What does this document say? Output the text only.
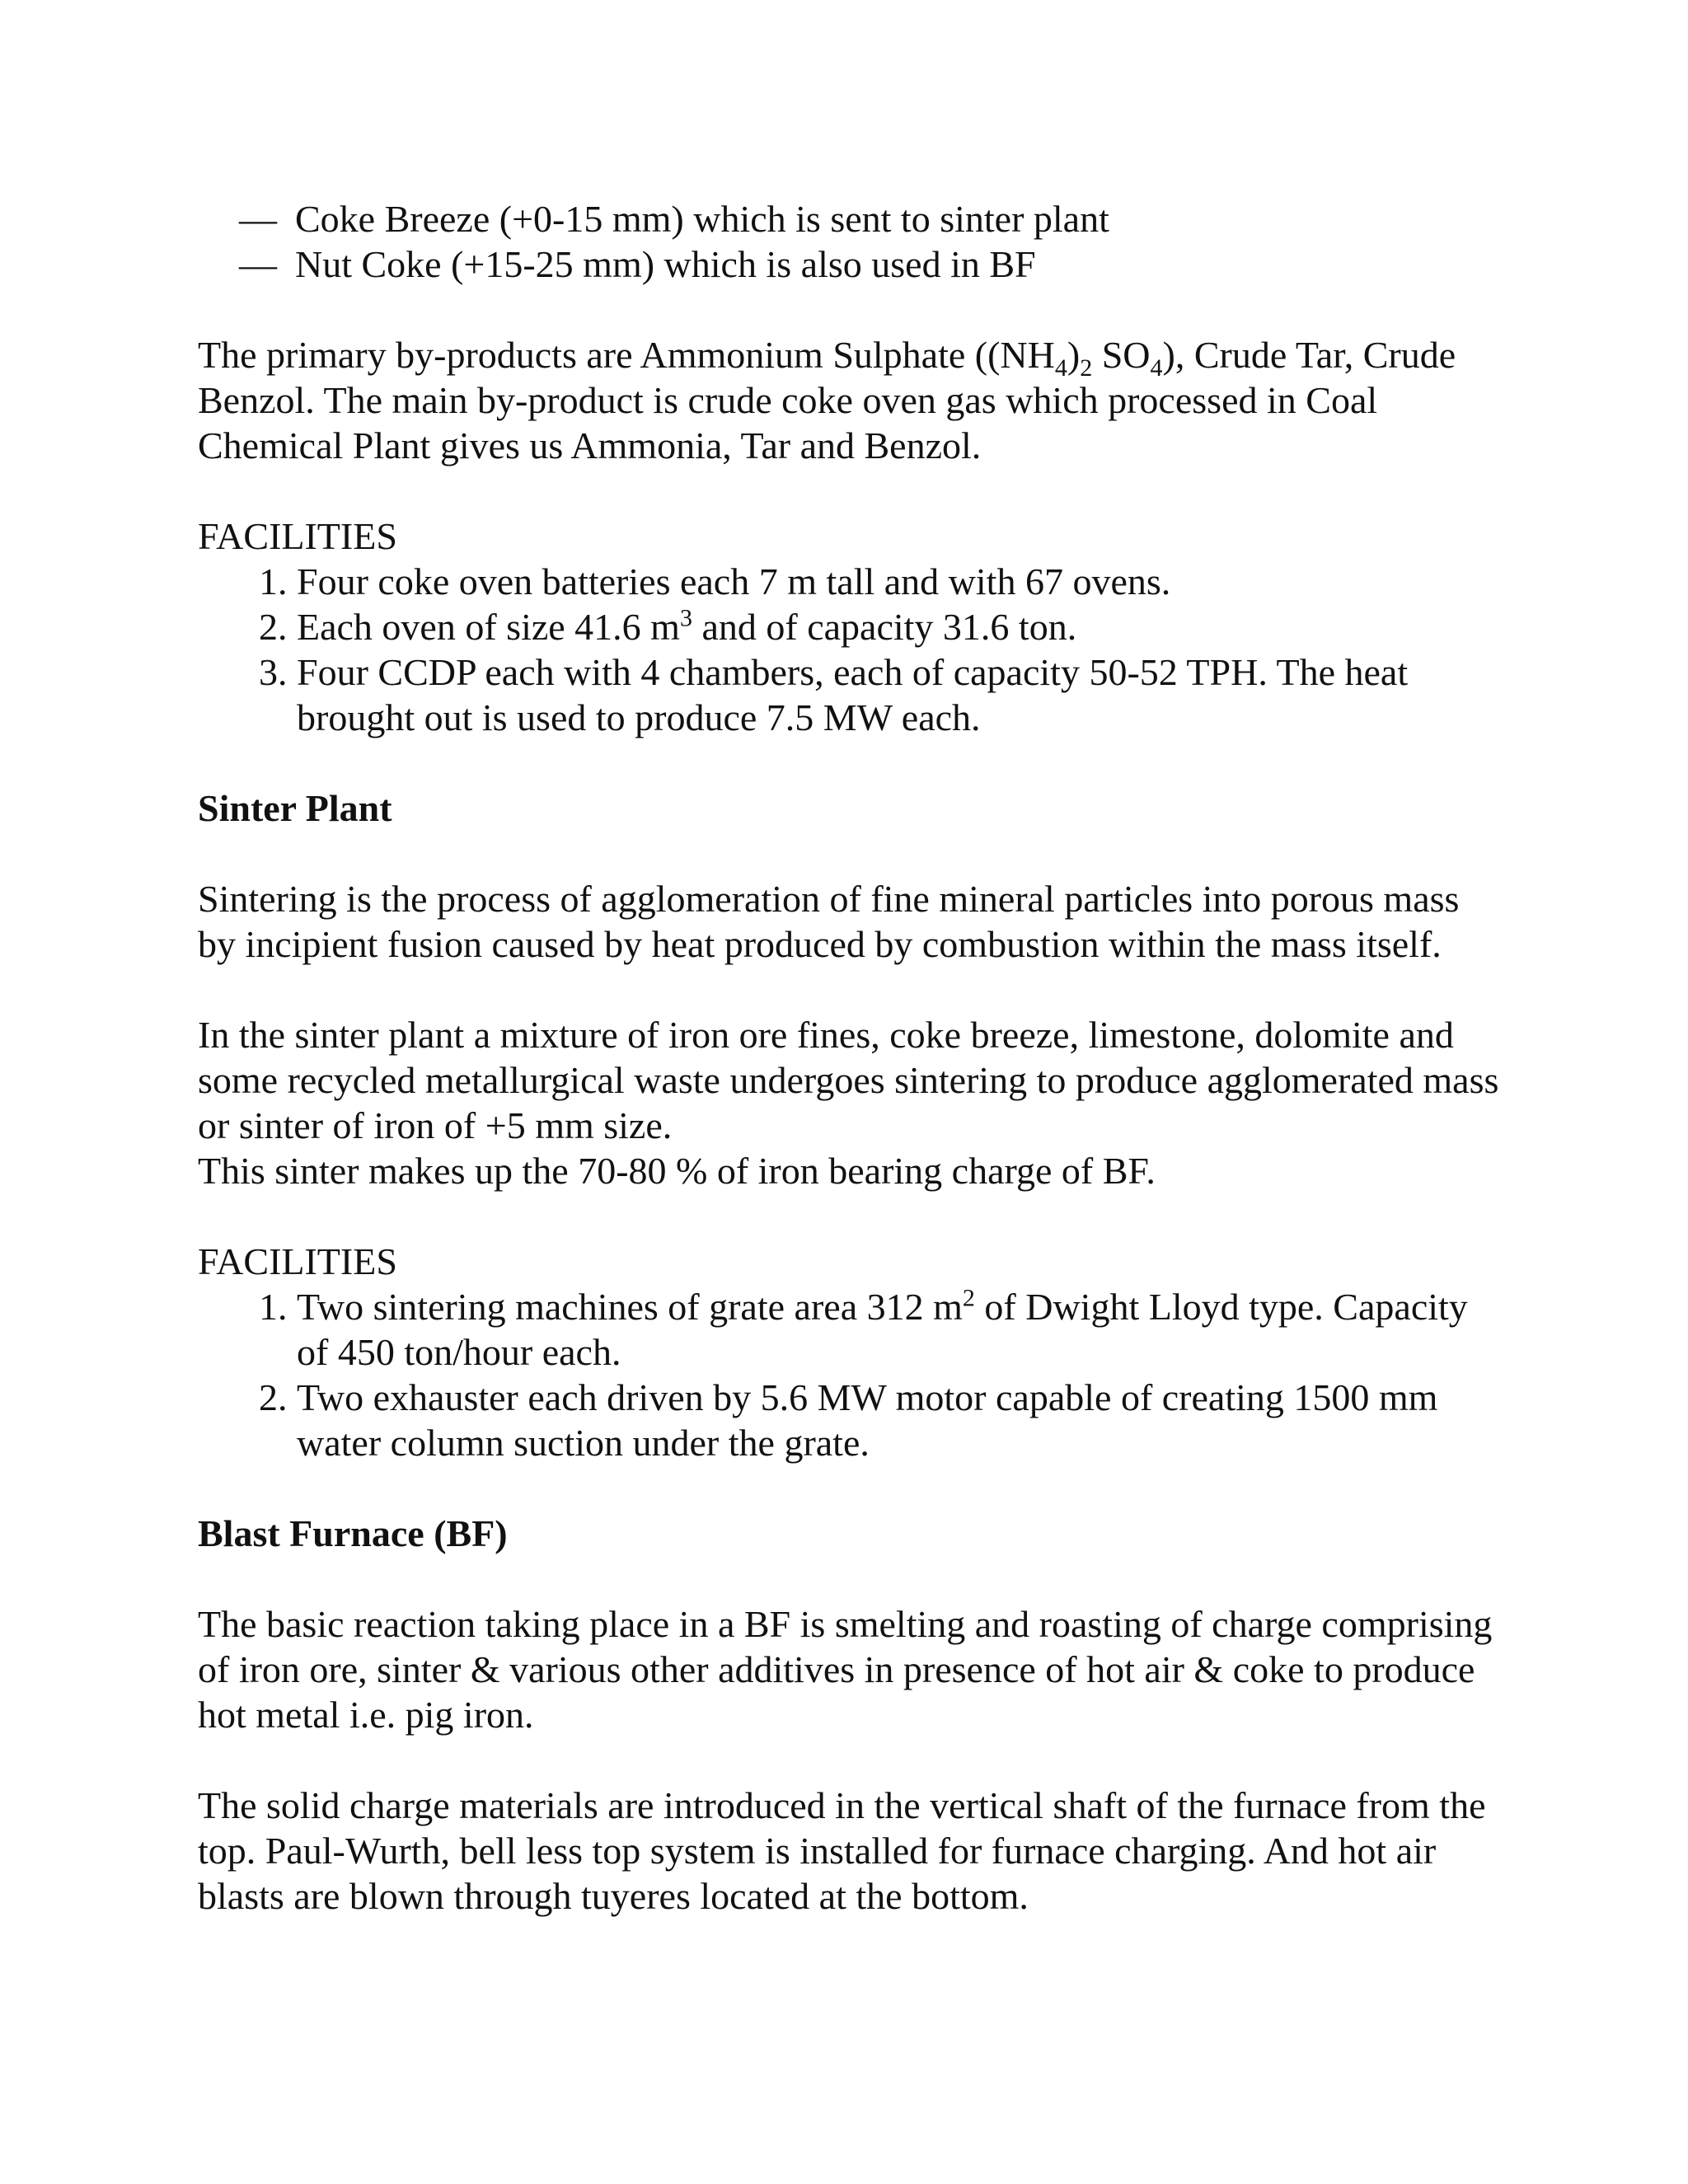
— Coke Breeze (+0-15 mm) which is sent to sinter plant
— Nut Coke (+15-25 mm) which is also used in BF

The primary by-products are Ammonium Sulphate ($(NH_4)_2$ $SO_4$), Crude Tar, Crude Benzol. The main by-product is crude coke oven gas which processed in Coal Chemical Plant gives us Ammonia, Tar and Benzol.

FACILITIES

1. Four coke oven batteries each 7 m tall and with 67 ovens.
2. Each oven of size 41.6 $m^3$ and of capacity 31.6 ton.
3. Four CCDP each with 4 chambers, each of capacity 50-52 TPH. The heat brought out is used to produce 7.5 MW each.

Sinter Plant

Sintering is the process of agglomeration of fine mineral particles into porous mass by incipient fusion caused by heat produced by combustion within the mass itself.

In the sinter plant a mixture of iron ore fines, coke breeze, limestone, dolomite and some recycled metallurgical waste undergoes sintering to produce agglomerated mass or sinter of iron of +5 mm size.

This sinter makes up the 70-80 % of iron bearing charge of BF.

FACILITIES

1. Two sintering machines of grate area 312 $m^2$ of Dwight Lloyd type. Capacity of 450 ton/hour each.
2. Two exhauster each driven by 5.6 MW motor capable of creating 1500 mm water column suction under the grate.

Blast Furnace (BF)

The basic reaction taking place in a BF is smelting and roasting of charge comprising of iron ore, sinter & various other additives in presence of hot air & coke to produce hot metal i.e. pig iron.

The solid charge materials are introduced in the vertical shaft of the furnace from the top. Paul-Wurth, bell less top system is installed for furnace charging. And hot air blasts are blown through tuyeres located at the bottom.
